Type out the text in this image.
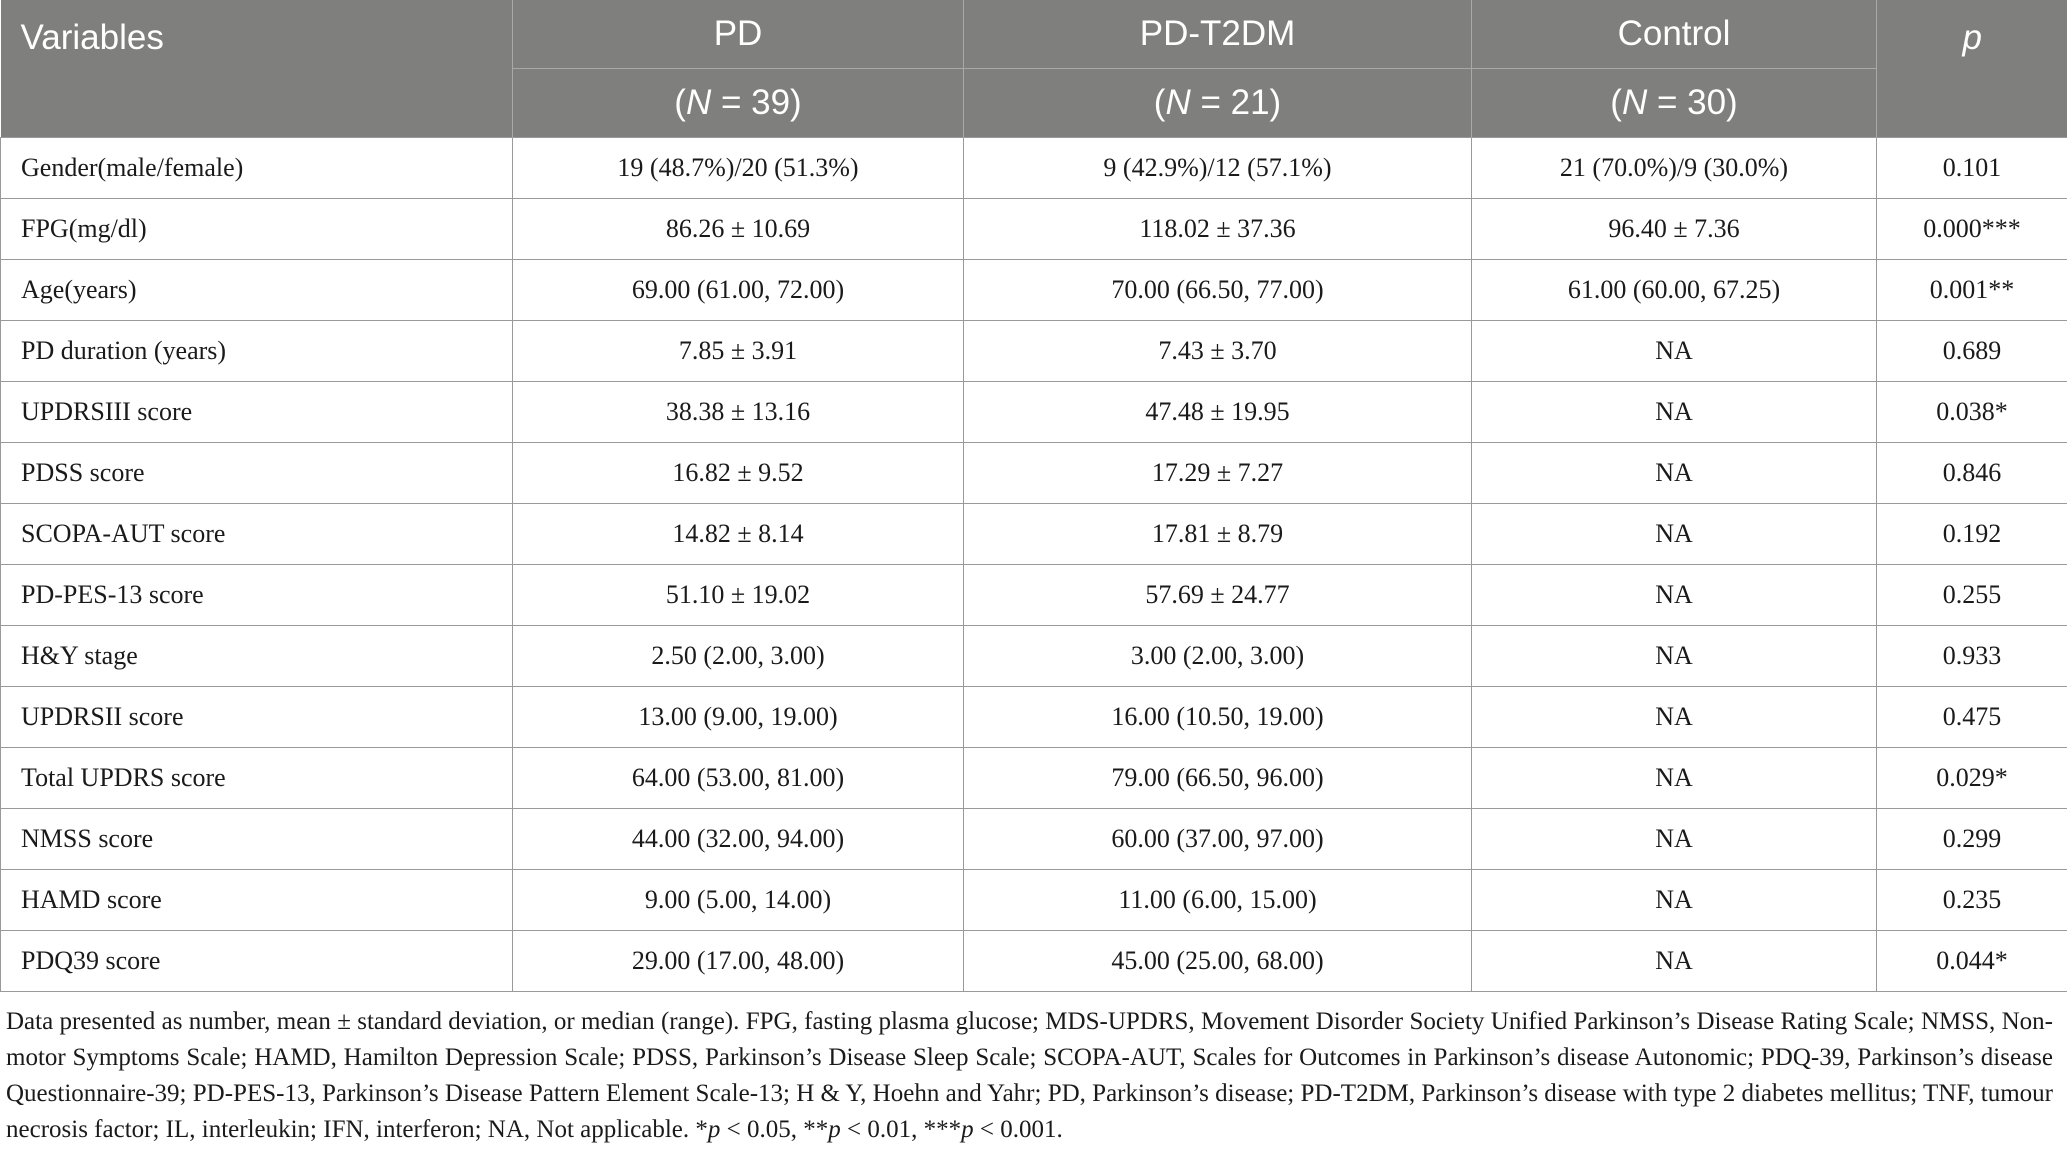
Variables	PD	PD-T2DM	Control	p
	(N = 39)	(N = 21)	(N = 30)	
Gender(male/female)	19 (48.7%)/20 (51.3%)	9 (42.9%)/12 (57.1%)	21 (70.0%)/9 (30.0%)	0.101
FPG(mg/dl)	86.26 ± 10.69	118.02 ± 37.36	96.40 ± 7.36	0.000***
Age(years)	69.00 (61.00, 72.00)	70.00 (66.50, 77.00)	61.00 (60.00, 67.25)	0.001**
PD duration (years)	7.85 ± 3.91	7.43 ± 3.70	NA	0.689
UPDRSIII score	38.38 ± 13.16	47.48 ± 19.95	NA	0.038*
PDSS score	16.82 ± 9.52	17.29 ± 7.27	NA	0.846
SCOPA-AUT score	14.82 ± 8.14	17.81 ± 8.79	NA	0.192
PD-PES-13 score	51.10 ± 19.02	57.69 ± 24.77	NA	0.255
H&Y stage	2.50 (2.00, 3.00)	3.00 (2.00, 3.00)	NA	0.933
UPDRSII score	13.00 (9.00, 19.00)	16.00 (10.50, 19.00)	NA	0.475
Total UPDRS score	64.00 (53.00, 81.00)	79.00 (66.50, 96.00)	NA	0.029*
NMSS score	44.00 (32.00, 94.00)	60.00 (37.00, 97.00)	NA	0.299
HAMD score	9.00 (5.00, 14.00)	11.00 (6.00, 15.00)	NA	0.235
PDQ39 score	29.00 (17.00, 48.00)	45.00 (25.00, 68.00)	NA	0.044*

Data presented as number, mean ± standard deviation, or median (range). FPG, fasting plasma glucose; MDS-UPDRS, Movement Disorder Society Unified Parkinson’s Disease Rating Scale; NMSS, Non-motor Symptoms Scale; HAMD, Hamilton Depression Scale; PDSS, Parkinson’s Disease Sleep Scale; SCOPA-AUT, Scales for Outcomes in Parkinson’s disease Autonomic; PDQ-39, Parkinson’s disease Questionnaire-39; PD-PES-13, Parkinson’s Disease Pattern Element Scale-13; H & Y, Hoehn and Yahr; PD, Parkinson’s disease; PD-T2DM, Parkinson’s disease with type 2 diabetes mellitus; TNF, tumour necrosis factor; IL, interleukin; IFN, interferon; NA, Not applicable. *p < 0.05, **p < 0.01, ***p < 0.001.
